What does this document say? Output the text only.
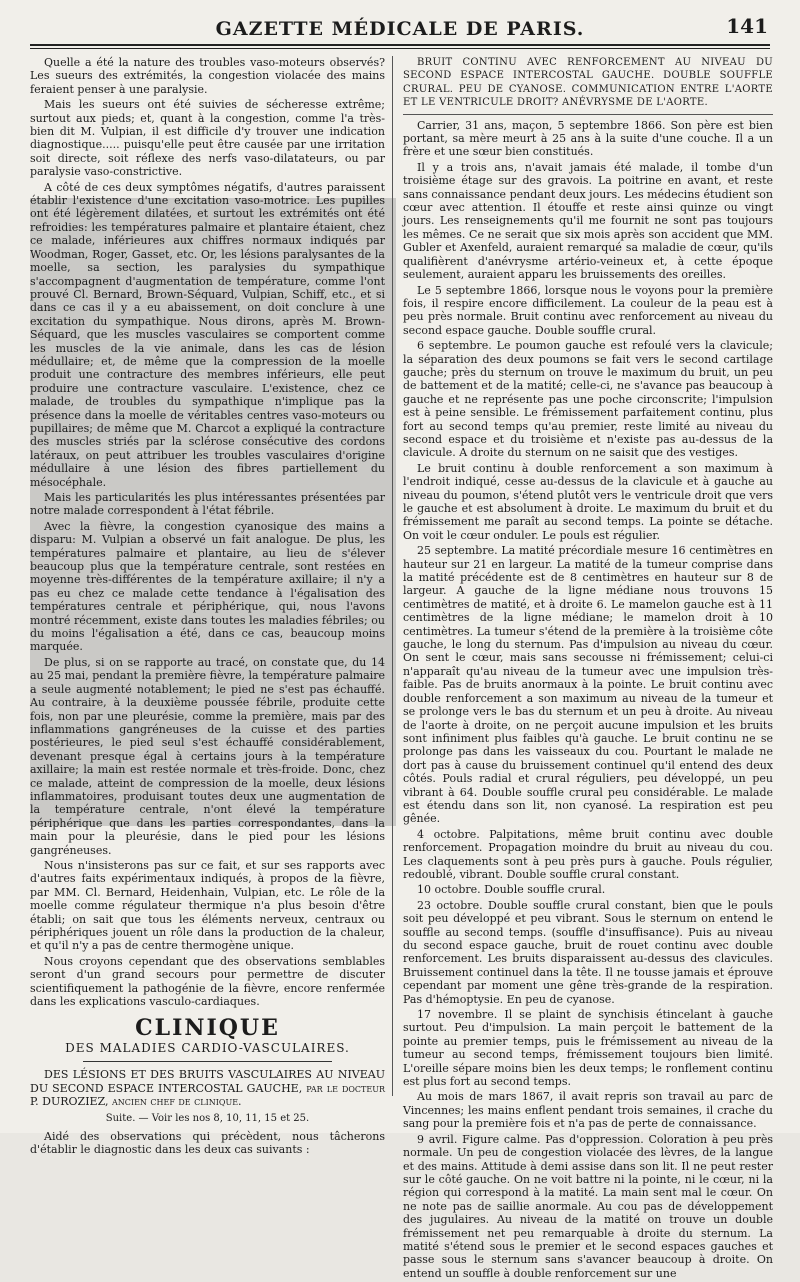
GAZETTE MÉDICALE DE PARIS.	141

Quelle a été la nature des troubles vaso-moteurs observés? Les sueurs des extrémités, la congestion violacée des mains feraient penser à une paralysie.

Mais les sueurs ont été suivies de sécheresse extrême; surtout aux pieds; et, quant à la congestion, comme l'a très-bien dit M. Vulpian, il est difficile d'y trouver une indication diagnostique..... puisqu'elle peut être causée par une irritation soit directe, soit réflexe des nerfs vaso-dilatateurs, ou par paralysie vaso-constrictive.

A côté de ces deux symptômes négatifs, d'autres paraissent établir l'existence d'une excitation vaso-motrice. Les pupilles ont été légèrement dilatées, et surtout les extrémités ont été refroidies: les températures palmaire et plantaire étaient, chez ce malade, inférieures aux chiffres normaux indiqués par Woodman, Roger, Gasset, etc. Or, les lésions paralysantes de la moelle, sa section, les paralysies du sympathique s'accompagnent d'augmentation de température, comme l'ont prouvé Cl. Bernard, Brown-Séquard, Vulpian, Schiff, etc., et si dans ce cas il y a eu abaissement, on doit conclure à une excitation du sympathique. Nous dirons, après M. Brown-Séquard, que les muscles vasculaires se comportent comme les muscles de la vie animale, dans les cas de lésion médullaire; et, de même que la compression de la moelle produit une contracture des membres inférieurs, elle peut produire une contracture vasculaire. L'existence, chez ce malade, de troubles du sympathique n'implique pas la présence dans la moelle de véritables centres vaso-moteurs ou pupillaires; de même que M. Charcot a expliqué la contracture des muscles striés par la sclérose consécutive des cordons latéraux, on peut attribuer les troubles vasculaires d'origine médullaire à une lésion des fibres partiellement du mésocéphale.

Mais les particularités les plus intéressantes présentées par notre malade correspondent à l'état fébrile.

Avec la fièvre, la congestion cyanosique des mains a disparu: M. Vulpian a observé un fait analogue. De plus, les températures palmaire et plantaire, au lieu de s'élever beaucoup plus que la température centrale, sont restées en moyenne très-différentes de la température axillaire; il n'y a pas eu chez ce malade cette tendance à l'égalisation des températures centrale et périphérique, qui, nous l'avons montré récemment, existe dans toutes les maladies fébriles; ou du moins l'égalisation a été, dans ce cas, beaucoup moins marquée.

De plus, si on se rapporte au tracé, on constate que, du 14 au 25 mai, pendant la première fièvre, la température palmaire a seule augmenté notablement; le pied ne s'est pas échauffé. Au contraire, à la deuxième poussée fébrile, produite cette fois, non par une pleurésie, comme la première, mais par des inflammations gangréneuses de la cuisse et des parties postérieures, le pied seul s'est échauffé considérablement, devenant presque égal à certains jours à la température axillaire; la main est restée normale et très-froide. Donc, chez ce malade, atteint de compression de la moelle, deux lésions inflammatoires, produisant toutes deux une augmentation de la température centrale, n'ont élevé la température périphérique que dans les parties correspondantes, dans la main pour la pleurésie, dans le pied pour les lésions gangréneuses.

Nous n'insisterons pas sur ce fait, et sur ses rapports avec d'autres faits expérimentaux indiqués, à propos de la fièvre, par MM. Cl. Bernard, Heidenhain, Vulpian, etc. Le rôle de la moelle comme régulateur thermique n'a plus besoin d'être établi; on sait que tous les éléments nerveux, centraux ou périphériques jouent un rôle dans la production de la chaleur, et qu'il n'y a pas de centre thermogène unique.

Nous croyons cependant que des observations semblables seront d'un grand secours pour permettre de discuter scientifiquement la pathogénie de la fièvre, encore renfermée dans les explications vasculo-cardiaques.

CLINIQUE
DES MALADIES CARDIO-VASCULAIRES.

DES LÉSIONS ET DES BRUITS VASCULAIRES AU NIVEAU DU SECOND ESPACE INTERCOSTAL GAUCHE, par le docteur P. DUROZIEZ, ancien chef de clinique.

Suite. — Voir les nos 8, 10, 11, 15 et 25.

Aidé des observations qui précèdent, nous tâcherons d'établir le diagnostic dans les deux cas suivants :

BRUIT CONTINU AVEC RENFORCEMENT AU NIVEAU DU SECOND ESPACE INTERCOSTAL GAUCHE. DOUBLE SOUFFLE CRURAL. PEU DE CYANOSE. COMMUNICATION ENTRE L'AORTE ET LE VENTRICULE DROIT? ANÉVRYSME DE L'AORTE.

Carrier, 31 ans, maçon, 5 septembre 1866. Son père est bien portant, sa mère meurt à 25 ans à la suite d'une couche. Il a un frère et une sœur bien constitués.

Il y a trois ans, n'avait jamais été malade, il tombe d'un troisième étage sur des gravois. La poitrine en avant, et reste sans connaissance pendant deux jours. Les médecins étudient son cœur avec attention. Il étouffe et reste ainsi quinze ou vingt jours. Les renseignements qu'il me fournit ne sont pas toujours les mêmes. Ce ne serait que six mois après son accident que MM. Gubler et Axenfeld, auraient remarqué sa maladie de cœur, qu'ils qualifièrent d'anévrysme artério-veineux et, à cette époque seulement, auraient apparu les bruissements des oreilles.

Le 5 septembre 1866, lorsque nous le voyons pour la première fois, il respire encore difficilement. La couleur de la peau est à peu près normale. Bruit continu avec renforcement au niveau du second espace gauche. Double souffle crural.

6 septembre. Le poumon gauche est refoulé vers la clavicule; la séparation des deux poumons se fait vers le second cartilage gauche; près du sternum on trouve le maximum du bruit, un peu de battement et de la matité; celle-ci, ne s'avance pas beaucoup à gauche et ne représente pas une poche circonscrite; l'impulsion est à peine sensible. Le frémissement parfaitement continu, plus fort au second temps qu'au premier, reste limité au niveau du second espace et du troisième et n'existe pas au-dessus de la clavicule. A droite du sternum on ne saisit que des vestiges.

Le bruit continu à double renforcement a son maximum à l'endroit indiqué, cesse au-dessus de la clavicule et à gauche au niveau du poumon, s'étend plutôt vers le ventricule droit que vers le gauche et est absolument à droite. Le maximum du bruit et du frémissement me paraît au second temps. La pointe se détache. On voit le cœur onduler. Le pouls est régulier.

25 septembre. La matité précordiale mesure 16 centimètres en hauteur sur 21 en largeur. La matité de la tumeur comprise dans la matité précédente est de 8 centimètres en hauteur sur 8 de largeur. A gauche de la ligne médiane nous trouvons 15 centimètres de matité, et à droite 6. Le mamelon gauche est à 11 centimètres de la ligne médiane; le mamelon droit à 10 centimètres. La tumeur s'étend de la première à la troisième côte gauche, le long du sternum. Pas d'impulsion au niveau du cœur. On sent le cœur, mais sans secousse ni frémissement; celui-ci n'apparaît qu'au niveau de la tumeur avec une impulsion très-faible. Pas de bruits anormaux à la pointe. Le bruit continu avec double renforcement a son maximum au niveau de la tumeur et se prolonge vers le bas du sternum et un peu à droite. Au niveau de l'aorte à droite, on ne perçoit aucune impulsion et les bruits sont infiniment plus faibles qu'à gauche. Le bruit continu ne se prolonge pas dans les vaisseaux du cou. Pourtant le malade ne dort pas à cause du bruissement continuel qu'il entend des deux côtés. Pouls radial et crural réguliers, peu développé, un peu vibrant à 64. Double souffle crural peu considérable. Le malade est étendu dans son lit, non cyanosé. La respiration est peu gênée.

4 octobre. Palpitations, même bruit continu avec double renforcement. Propagation moindre du bruit au niveau du cou. Les claquements sont à peu près purs à gauche. Pouls régulier, redoublé, vibrant. Double souffle crural constant.

10 octobre. Double souffle crural.

23 octobre. Double souffle crural constant, bien que le pouls soit peu développé et peu vibrant. Sous le sternum on entend le souffle au second temps. (souffle d'insuffisance). Puis au niveau du second espace gauche, bruit de rouet continu avec double renforcement. Les bruits disparaissent au-dessus des clavicules. Bruissement continuel dans la tête. Il ne tousse jamais et éprouve cependant par moment une gêne très-grande de la respiration. Pas d'hémoptysie. En peu de cyanose.

17 novembre. Il se plaint de synchisis étincelant à gauche surtout. Peu d'impulsion. La main perçoit le battement de la pointe au premier temps, puis le frémissement au niveau de la tumeur au second temps, frémissement toujours bien limité. L'oreille sépare moins bien les deux temps; le ronflement continu est plus fort au second temps.

Au mois de mars 1867, il avait repris son travail au parc de Vincennes; les mains enflent pendant trois semaines, il crache du sang pour la première fois et n'a pas de perte de connaissance.

9 avril. Figure calme. Pas d'oppression. Coloration à peu près normale. Un peu de congestion violacée des lèvres, de la langue et des mains. Attitude à demi assise dans son lit. Il ne peut rester sur le côté gauche. On ne voit battre ni la pointe, ni le cœur, ni la région qui correspond à la matité. La main sent mal le cœur. On ne note pas de saillie anormale. Au cou pas de développement des jugulaires. Au niveau de la matité on trouve un double frémissement net peu remarquable à droite du sternum. La matité s'étend sous le premier et le second espaces gauches et passe sous le sternum sans s'avancer beaucoup à droite. On entend un souffle à double renforcement sur une
